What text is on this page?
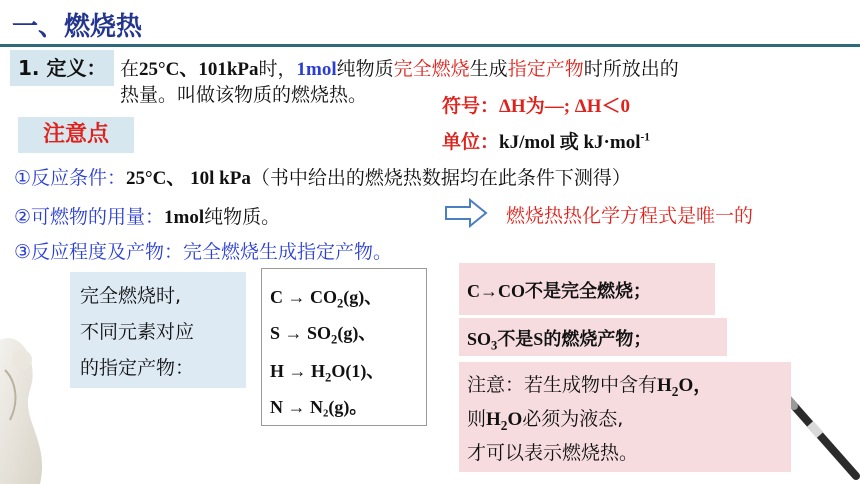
一、燃烧热
1. 定义： 在25°C、101kPa时，1mol纯物质完全燃烧生成指定产物时所放出的
热量。叫做该物质的燃烧热。
注意点
符号：ΔH为—; ΔH＜0
单位：kJ/mol 或 kJ·mol$^{-1}$
①反应条件：25°C、 10l kPa（书中给出的燃烧热数据均在此条件下测得）
②可燃物的用量：1mol纯物质。
③反应程度及产物：完全燃烧生成指定产物。
燃烧热热化学方程式是唯一的
完全燃烧时,
不同元素对应
的指定产物：
$C \to CO_2(g)$、
$S \to SO_2(g)$、
$H \to H_2O(1)$、
N → N₂(g)。
C→CO不是完全燃烧；
$SO_3$不是S的燃烧产物；
注意：若生成物中含有$H_2O$，
则$H_2O$必须为液态,
才可以表示燃烧热。
